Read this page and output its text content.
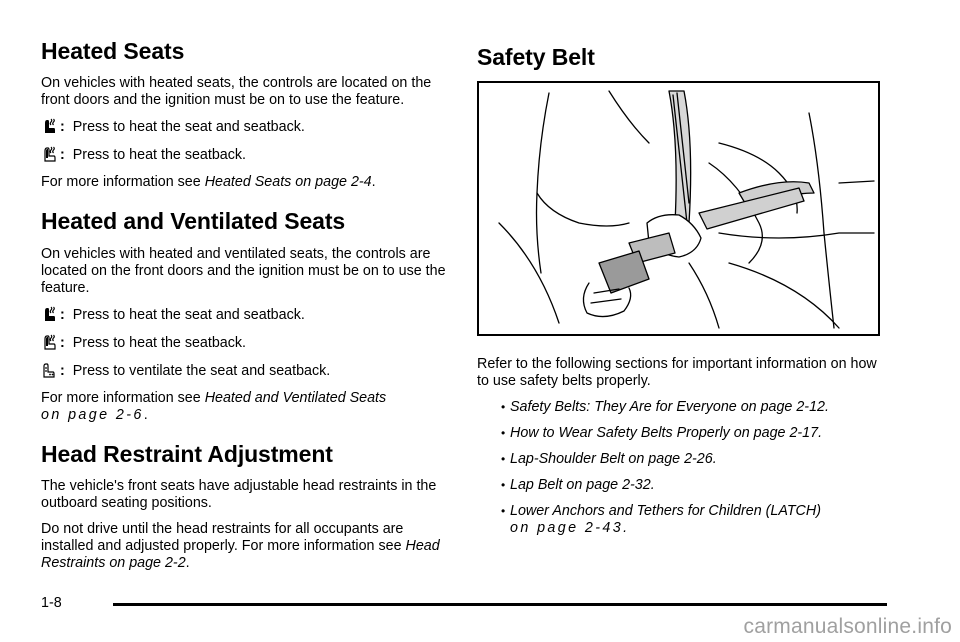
Heated Seats

On vehicles with heated seats, the controls are located on the front doors and the ignition must be on to use the feature.

: Press to heat the seat and seatback.
: Press to heat the seatback.

For more information see Heated Seats on page 2-4.

Heated and Ventilated Seats

On vehicles with heated and ventilated seats, the controls are located on the front doors and the ignition must be on to use the feature.

: Press to heat the seat and seatback.
: Press to heat the seatback.
: Press to ventilate the seat and seatback.

For more information see Heated and Ventilated Seats
on page 2-6.

Head Restraint Adjustment

The vehicle's front seats have adjustable head restraints in the outboard seating positions.

Do not drive until the head restraints for all occupants are installed and adjusted properly. For more information see Head Restraints on page 2-2.

Safety Belt

Refer to the following sections for important information on how to use safety belts properly.

• Safety Belts: They Are for Everyone on page 2-12.
• How to Wear Safety Belts Properly on page 2-17.
• Lap-Shoulder Belt on page 2-26.
• Lap Belt on page 2-32.
• Lower Anchors and Tethers for Children (LATCH)
on page 2-43.
1-8
carmanualsonline.info
